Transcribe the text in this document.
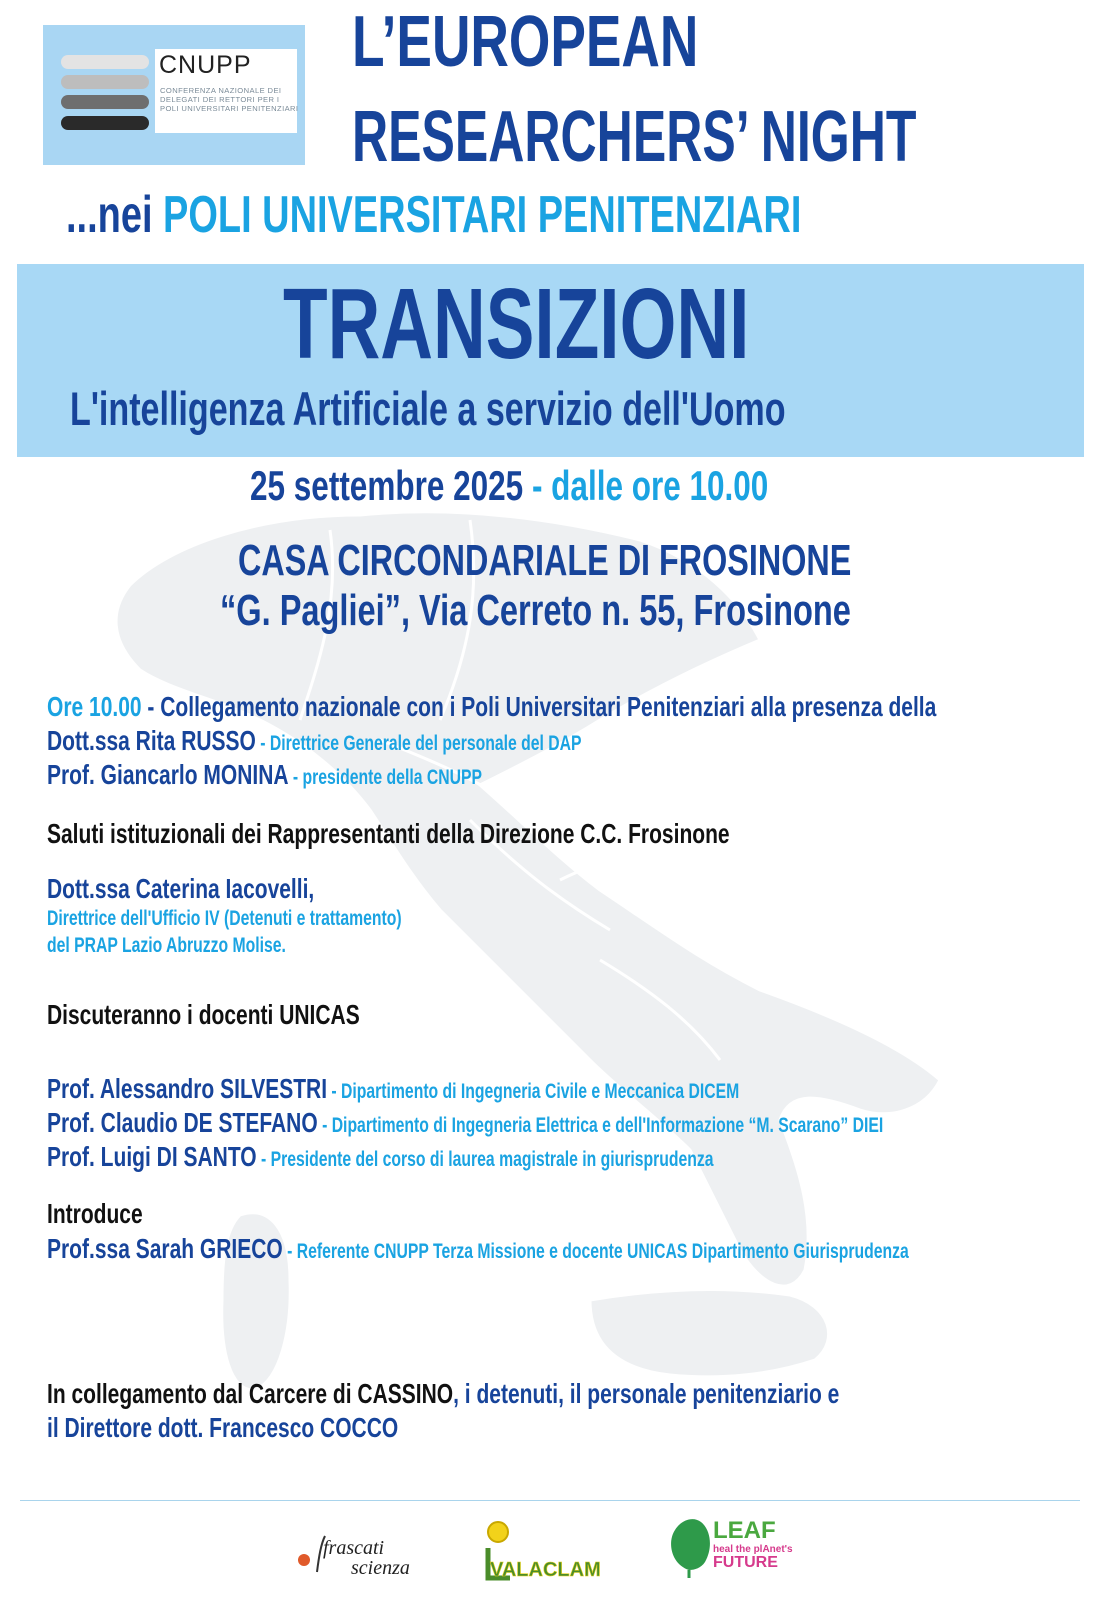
CNUPP
CONFERENZA NAZIONALE DEI DELEGATI DEI RETTORI PER I POLI UNIVERSITARI PENITENZIARI
L’EUROPEAN
RESEARCHERS’ NIGHT
...nei POLI UNIVERSITARI PENITENZIARI
TRANSIZIONI
L'intelligenza Artificiale a servizio dell'Uomo
25 settembre 2025 - dalle ore 10.00
CASA CIRCONDARIALE DI FROSINONE
“G. Pagliei”, Via Cerreto n. 55, Frosinone
Ore 10.00 - Collegamento nazionale con i Poli Universitari Penitenziari alla presenza della
Dott.ssa Rita RUSSO - Direttrice Generale del personale del DAP
Prof. Giancarlo MONINA - presidente della CNUPP
Saluti istituzionali dei Rappresentanti della Direzione C.C. Frosinone
Dott.ssa Caterina Iacovelli,
Direttrice dell'Ufficio IV (Detenuti e trattamento)
del PRAP Lazio Abruzzo Molise.
Discuteranno i docenti UNICAS
Prof. Alessandro SILVESTRI - Dipartimento di Ingegneria Civile e Meccanica DICEM
Prof. Claudio DE STEFANO - Dipartimento di Ingegneria Elettrica e dell'Informazione “M. Scarano” DIEI
Prof. Luigi DI SANTO - Presidente del corso di laurea magistrale in giurisprudenza
Introduce
Prof.ssa Sarah GRIECO - Referente CNUPP Terza Missione e docente UNICAS Dipartimento Giurisprudenza
In collegamento dal Carcere di CASSINO, i detenuti, il personale penitenziario e
il Direttore dott. Francesco COCCO
frascati
scienza	VALACLAM
LEAF
heal the plAnet's
FUTURE
